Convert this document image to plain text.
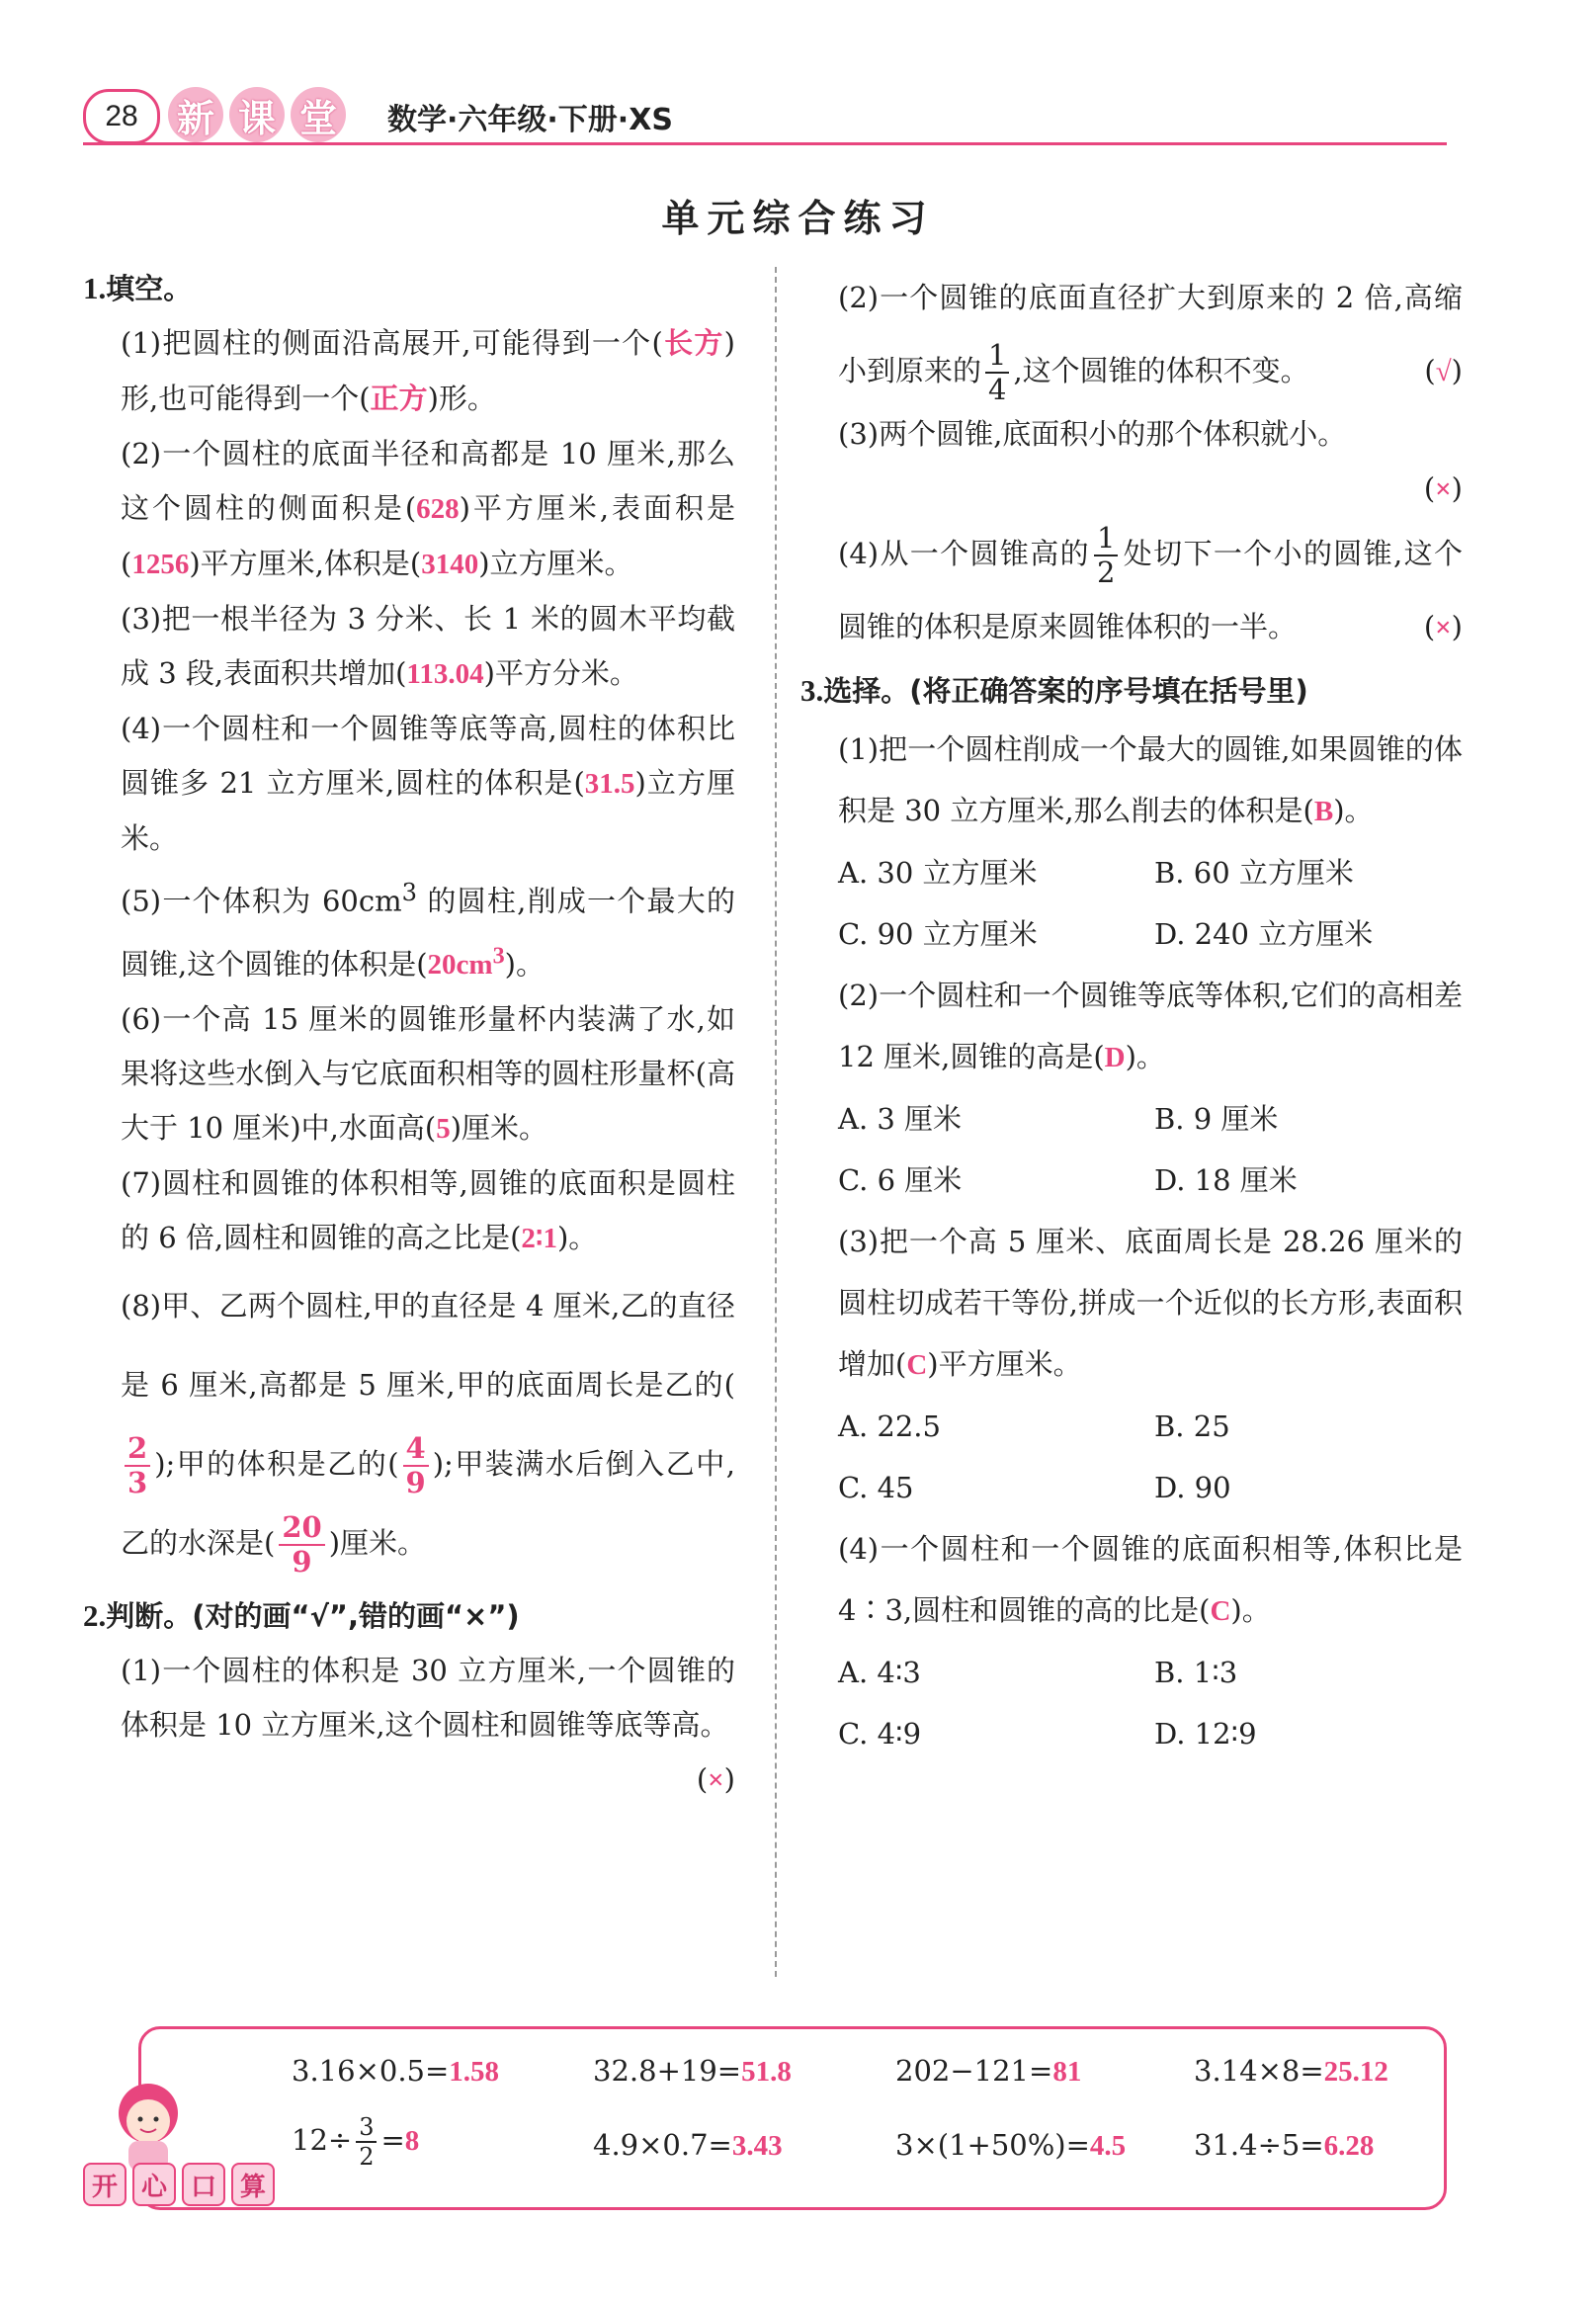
28	新 课 堂	数学·六年级·下册·XS
单元综合练习
1.填空。

(1)把圆柱的侧面沿高展开,可能得到一个(长方)形,也可能得到一个(正方)形。

(2)一个圆柱的底面半径和高都是 10 厘米,那么这个圆柱的侧面积是(628)平方厘米,表面积是(1256)平方厘米,体积是(3140)立方厘米。

(3)把一根半径为 3 分米、长 1 米的圆木平均截成 3 段,表面积共增加(113.04)平方分米。

(4)一个圆柱和一个圆锥等底等高,圆柱的体积比圆锥多 21 立方厘米,圆柱的体积是(31.5)立方厘米。

(5)一个体积为 $60cm^3$ 的圆柱,削成一个最大的圆锥,这个圆锥的体积是$(20cm^3)$。

(6)一个高 15 厘米的圆锥形量杯内装满了水,如果将这些水倒入与它底面积相等的圆柱形量杯(高大于 10 厘米)中,水面高(5)厘米。

(7)圆柱和圆锥的体积相等,圆锥的底面积是圆柱的 6 倍,圆柱和圆锥的高之比是(2∶1)。

(8)甲、乙两个圆柱,甲的直径是 4 厘米,乙的直径是 6 厘米,高都是 5 厘米,甲的底面周长是乙的(
$\frac{2}{3}$ );甲的体积是乙的( $\frac{4}{9}$ );甲装满水后倒入乙中,乙的水深是( $\frac{20}{9}$ )厘米。

2.判断。(对的画“√”,错的画“×”)

(1)一个圆柱的体积是 30 立方厘米,一个圆锥的体积是 10 立方厘米,这个圆柱和圆锥等底等高。
(×)

(2)一个圆锥的底面直径扩大到原来的 2 倍,高缩小到原来的 $\frac{1}{4}$ ,这个圆锥的体积不变。	(√)

(3)两个圆锥,底面积小的那个体积就小。

(×)

(4)从一个圆锥高的 $\frac{1}{2}$ 处切下一个小的圆锥,这个圆锥的体积是原来圆锥体积的一半。	(×)

3.选择。(将正确答案的序号填在括号里)

(1)把一个圆柱削成一个最大的圆锥,如果圆锥的体积是 30 立方厘米,那么削去的体积是(B)。

A. 30 立方厘米	B. 60 立方厘米
C. 90 立方厘米	D. 240 立方厘米

(2)一个圆柱和一个圆锥等底等体积,它们的高相差 12 厘米,圆锥的高是(D)。

A. 3 厘米	B. 9 厘米
C. 6 厘米	D. 18 厘米

(3)把一个高 5 厘米、底面周长是 28.26 厘米的圆柱切成若干等份,拼成一个近似的长方形,表面积增加(C)平方厘米。

A. 22.5	B. 25
C. 45	D. 90

(4)一个圆柱和一个圆锥的底面积相等,体积比是 4∶3,圆柱和圆锥的高的比是(C)。

A. 4∶3	B. 1∶3
C. 4∶9	D. 12∶9
3.16×0.5=1.58	32.8+19=51.8	202−121=81	3.14×8=25.12
$12\div \frac{3}{2} =8$	4.9×0.7=3.43	3×(1+50%)=4.5 31.4÷5=6.28
开 心 口 算
